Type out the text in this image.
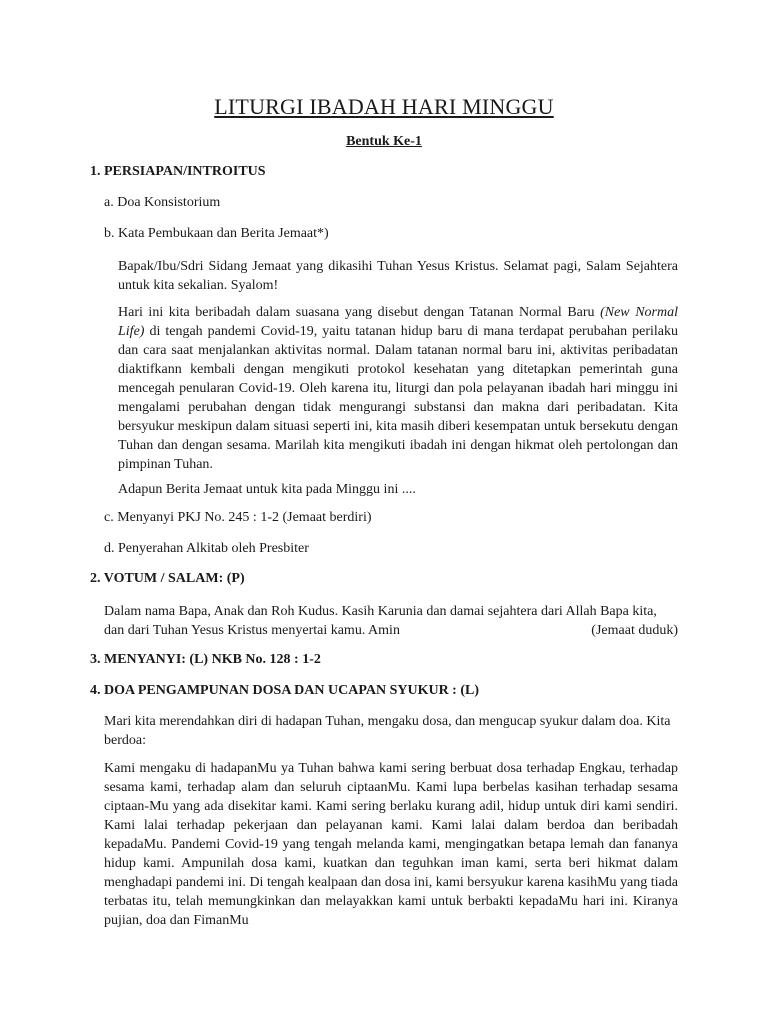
LITURGI IBADAH HARI MINGGU
Bentuk Ke-1
1. PERSIAPAN/INTROITUS
a. Doa Konsistorium
b. Kata Pembukaan dan Berita Jemaat*)

Bapak/Ibu/Sdri Sidang Jemaat yang dikasihi Tuhan Yesus Kristus. Selamat pagi, Salam Sejahtera untuk kita sekalian. Syalom!

Hari ini kita beribadah dalam suasana yang disebut dengan Tatanan Normal Baru (New Normal Life) di tengah pandemi Covid-19, yaitu tatanan hidup baru di mana terdapat perubahan perilaku dan cara saat menjalankan aktivitas normal. Dalam tatanan normal baru ini, aktivitas peribadatan diaktifkann kembali dengan mengikuti protokol kesehatan yang ditetapkan pemerintah guna mencegah penularan Covid-19. Oleh karena itu, liturgi dan pola pelayanan ibadah hari minggu ini mengalami perubahan dengan tidak mengurangi substansi dan makna dari peribadatan. Kita bersyukur meskipun dalam situasi seperti ini, kita masih diberi kesempatan untuk bersekutu dengan Tuhan dan dengan sesama. Marilah kita mengikuti ibadah ini dengan hikmat oleh pertolongan dan pimpinan Tuhan.

Adapun Berita Jemaat untuk kita pada Minggu ini ....

c. Menyanyi PKJ No. 245 : 1-2 (Jemaat berdiri)
d. Penyerahan Alkitab oleh Presbiter
2. VOTUM / SALAM: (P)

Dalam nama Bapa, Anak dan Roh Kudus. Kasih Karunia dan damai sejahtera dari Allah Bapa kita, dan dari Tuhan Yesus Kristus menyertai kamu. Amin	(Jemaat duduk)

3. MENYANYI: (L) NKB No. 128 : 1-2
4. DOA PENGAMPUNAN DOSA DAN UCAPAN SYUKUR : (L)

Mari kita merendahkan diri di hadapan Tuhan, mengaku dosa, dan mengucap syukur dalam doa. Kita berdoa:

Kami mengaku di hadapanMu ya Tuhan bahwa kami sering berbuat dosa terhadap Engkau, terhadap sesama kami, terhadap alam dan seluruh ciptaanMu. Kami lupa berbelas kasihan terhadap sesama ciptaan-Mu yang ada disekitar kami. Kami sering berlaku kurang adil, hidup untuk diri kami sendiri. Kami lalai terhadap pekerjaan dan pelayanan kami. Kami lalai dalam berdoa dan beribadah kepadaMu. Pandemi Covid-19 yang tengah melanda kami, mengingatkan betapa lemah dan fananya hidup kami. Ampunilah dosa kami, kuatkan dan teguhkan iman kami, serta beri hikmat dalam menghadapi pandemi ini. Di tengah kealpaan dan dosa ini, kami bersyukur karena kasihMu yang tiada terbatas itu, telah memungkinkan dan melayakkan kami untuk berbakti kepadaMu hari ini. Kiranya pujian, doa dan FimanMu
